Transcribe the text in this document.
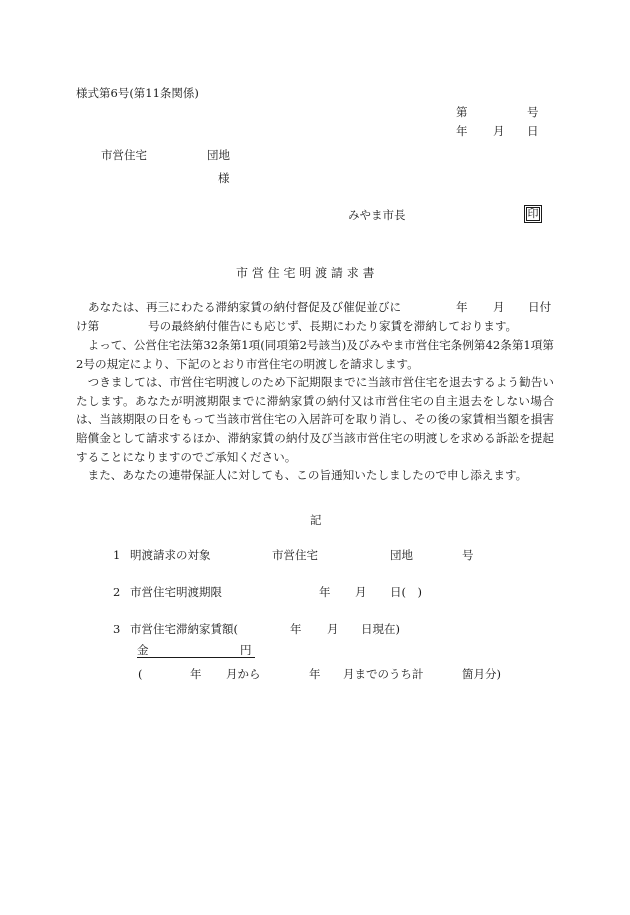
様式第6号(第11条関係)
第	号
年 月 日
市営住宅	団地
様
みやま市長	印
市 営 住 宅 明 渡 請 求 書
あなたは、再三にわたる滞納家賃の納付督促及び催促並びに	年 月 日付
け第	号の最終納付催告にも応じず、長期にわたり家賃を滞納しております。

よって、公営住宅法第32条第1項(同項第2号該当)及びみやま市営住宅条例第42条第1項第2号の規定により、下記のとおり市営住宅の明渡しを請求します。

つきましては、市営住宅明渡しのため下記期限までに当該市営住宅を退去するよう勧告いたします。あなたが明渡期限までに滞納家賃の納付又は市営住宅の自主退去をしない場合は、当該期限の日をもって当該市営住宅の入居許可を取り消し、その後の家賃相当額を損害賠償金として請求するほか、滞納家賃の納付及び当該市営住宅の明渡しを求める訴訟を提起することになりますのでご承知ください。

また、あなたの連帯保証人に対しても、この旨通知いたしましたので申し添えます。

記
1 明渡請求の対象	市営住宅	団地	号
2 市営住宅明渡期限	年 月 日(　)
3 市営住宅滞納家賃額(	年 月 日現在)
金	円
(	年 月から	年 月までのうち計	箇月分)
